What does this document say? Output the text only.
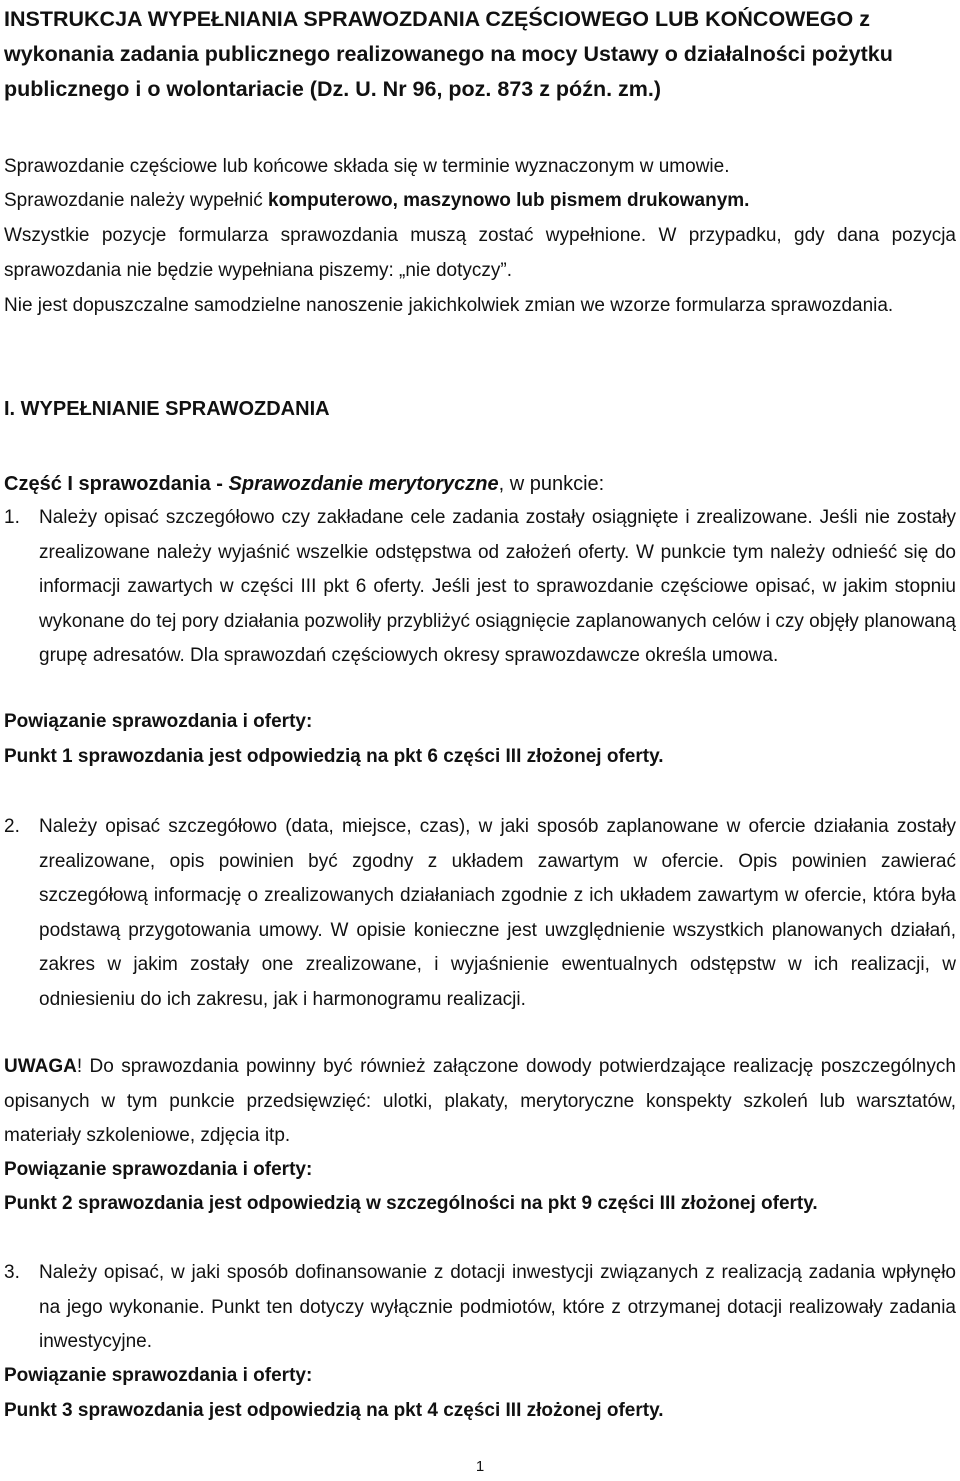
INSTRUKCJA WYPEŁNIANIA SPRAWOZDANIA CZĘŚCIOWEGO LUB KOŃCOWEGO z wykonania zadania publicznego realizowanego na mocy Ustawy o działalności pożytku publicznego i o wolontariacie (Dz. U. Nr 96, poz. 873 z późn. zm.)

Sprawozdanie częściowe lub końcowe składa się w terminie wyznaczonym w umowie.

Sprawozdanie należy wypełnić komputerowo, maszynowo lub pismem drukowanym.

Wszystkie pozycje formularza sprawozdania muszą zostać wypełnione. W przypadku, gdy dana pozycja sprawozdania nie będzie wypełniana piszemy: „nie dotyczy”.

Nie jest dopuszczalne samodzielne nanoszenie jakichkolwiek zmian we wzorze formularza sprawozdania.

I. WYPEŁNIANIE SPRAWOZDANIA

Część I sprawozdania - Sprawozdanie merytoryczne, w punkcie:

1.	Należy opisać szczegółowo czy zakładane cele zadania zostały osiągnięte i zrealizowane. Jeśli nie zostały zrealizowane należy wyjaśnić wszelkie odstępstwa od założeń oferty. W punkcie tym należy odnieść się do informacji zawartych w części III pkt 6 oferty. Jeśli jest to sprawozdanie częściowe opisać, w jakim stopniu wykonane do tej pory działania pozwoliły przybliżyć osiągnięcie zaplanowanych celów i czy objęły planowaną grupę adresatów. Dla sprawozdań częściowych okresy sprawozdawcze określa umowa.

Powiązanie sprawozdania i oferty:

Punkt 1 sprawozdania jest odpowiedzią na pkt 6 części III złożonej oferty.

2.	Należy opisać szczegółowo (data, miejsce, czas), w jaki sposób zaplanowane w ofercie działania zostały zrealizowane, opis powinien być zgodny z układem zawartym w ofercie. Opis powinien zawierać szczegółową informację o zrealizowanych działaniach zgodnie z ich układem zawartym w ofercie, która była podstawą przygotowania umowy. W opisie konieczne jest uwzględnienie wszystkich planowanych działań, zakres w jakim zostały one zrealizowane, i wyjaśnienie ewentualnych odstępstw w ich realizacji, w odniesieniu do ich zakresu, jak i harmonogramu realizacji.

UWAGA! Do sprawozdania powinny być również załączone dowody potwierdzające realizację poszczególnych opisanych w tym punkcie przedsięwzięć: ulotki, plakaty, merytoryczne konspekty szkoleń lub warsztatów, materiały szkoleniowe, zdjęcia itp.

Powiązanie sprawozdania i oferty:

Punkt 2 sprawozdania jest odpowiedzią w szczególności na pkt 9 części III złożonej oferty.

3.	Należy opisać, w jaki sposób dofinansowanie z dotacji inwestycji związanych z realizacją zadania wpłynęło na jego wykonanie. Punkt ten dotyczy wyłącznie podmiotów, które z otrzymanej dotacji realizowały zadania inwestycyjne.

Powiązanie sprawozdania i oferty:

Punkt 3 sprawozdania jest odpowiedzią na pkt 4 części III złożonej oferty.

1
